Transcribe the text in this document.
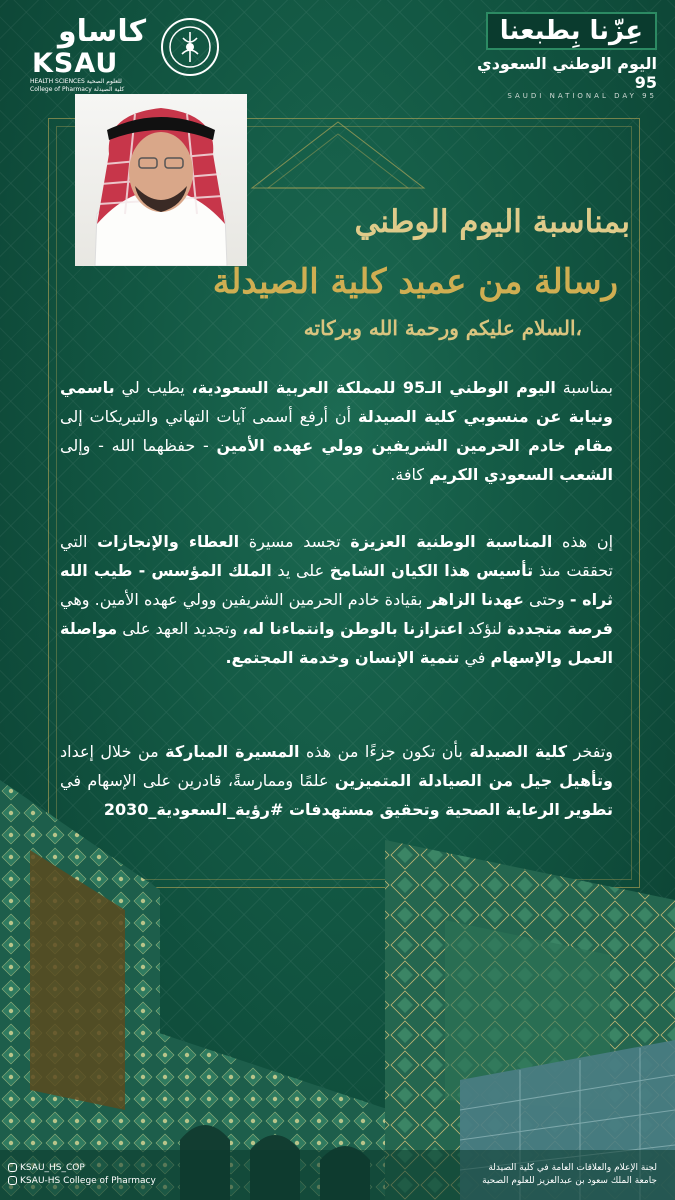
كاساو
KSAU
HEALTH SCIENCES للعلوم الصحية
College of Pharmacy كلية الصيدلة
عِزّنا بِطبعنا
اليوم الوطني السعودي 95
SAUDI NATIONAL DAY 95
بمناسبة اليوم الوطني
رسالة من عميد كلية الصيدلة
السلام عليكم ورحمة الله وبركاته،
بمناسبة اليوم الوطني الـ95 للمملكة العربية السعودية، يطيب لي باسمي ونيابة عن منسوبي كلية الصيدلة أن أرفع أسمى آيات التهاني والتبريكات إلى مقام خادم الحرمين الشريفين وولي عهده الأمين - حفظهما الله - وإلى الشعب السعودي الكريم كافة.
إن هذه المناسبة الوطنية العزيزة تجسد مسيرة العطاء والإنجازات التي تحققت منذ تأسيس هذا الكيان الشامخ على يد الملك المؤسس - طيب الله ثراه - وحتى عهدنا الزاهر بقيادة خادم الحرمين الشريفين وولي عهده الأمين. وهي فرصة متجددة لنؤكد اعتزازنا بالوطن وانتماءنا له، وتجديد العهد على مواصلة العمل والإسهام في تنمية الإنسان وخدمة المجتمع.
وتفخر كلية الصيدلة بأن تكون جزءًا من هذه المسيرة المباركة من خلال إعداد وتأهيل جيل من الصيادلة المتميزين علمًا وممارسةً، قادرين على الإسهام في تطوير الرعاية الصحية وتحقيق مستهدفات #رؤية_السعودية_2030
KSAU_HS_COP
KSAU-HS College of Pharmacy
لجنة الإعلام والعلاقات العامة في كلية الصيدلة
جامعة الملك سعود بن عبدالعزيز للعلوم الصحية
